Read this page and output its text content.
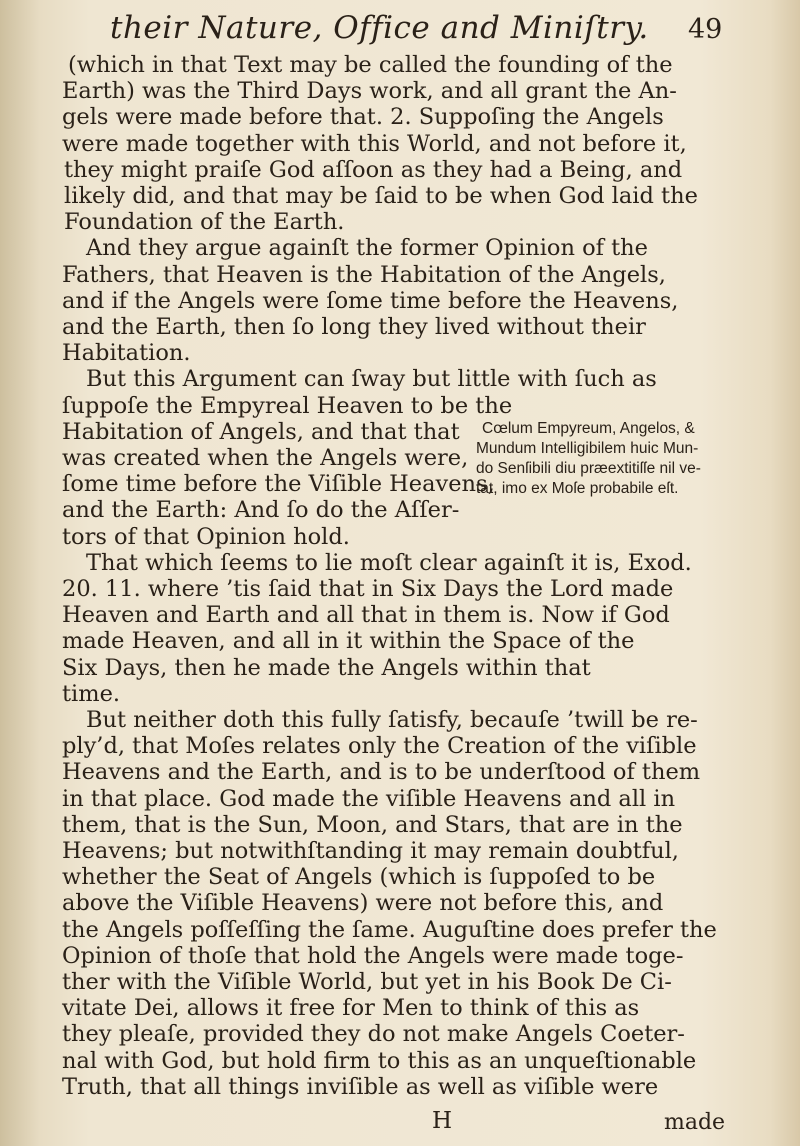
their Nature, Office and Miniſtry. 49
(which in that Text may be called the founding of the
Earth) was the Third Days work, and all grant the An-
gels were made before that. 2. Suppoſing the Angels
were made together with this World, and not before it,
they might praiſe God aſſoon as they had a Being, and
likely did, and that may be ſaid to be when God laid the
Foundation of the Earth.
And they argue againſt the former Opinion of the
Fathers, that Heaven is the Habitation of the Angels,
and if the Angels were ſome time before the Heavens,
and the Earth, then ſo long they lived without their
Habitation.
But this Argument can ſway but little with ſuch as
ſuppoſe the Empyreal Heaven to be the
Habitation of Angels, and that that
was created when the Angels were,
ſome time before the Viſible Heavens,
and the Earth: And ſo do the Aſſer-
tors of that Opinion hold.
That which ſeems to lie moſt clear againſt it is, Exod.
20. 11. where ’tis ſaid that in Six Days the Lord made
Heaven and Earth and all that in them is. Now if God
made Heaven, and all in it within the Space of the
Six Days, then he made the Angels within that
time.
But neither doth this fully ſatisfy, becauſe ’twill be re-
ply’d, that Moſes relates only the Creation of the viſible
Heavens and the Earth, and is to be underſtood of them
in that place. God made the viſible Heavens and all in
them, that is the Sun, Moon, and Stars, that are in the
Heavens; but notwithſtanding it may remain doubtful,
whether the Seat of Angels (which is ſuppoſed to be
above the Viſible Heavens) were not before this, and
the Angels poſſeſſing the ſame. Auguſtine does prefer the
Opinion of thoſe that hold the Angels were made toge-
ther with the Viſible World, but yet in his Book De Ci-
vitate Dei, allows it free for Men to think of this as
they pleaſe, provided they do not make Angels Coeter-
nal with God, but hold firm to this as an unqueſtionable
Truth, that all things inviſible as well as viſible were
Cœlum Empyreum, Angelos, &
Mundum Intelligibilem huic Mun-
do Senſibili diu præextitiſſe nil ve-
tat, imo ex Moſe probabile eſt.
H	made
